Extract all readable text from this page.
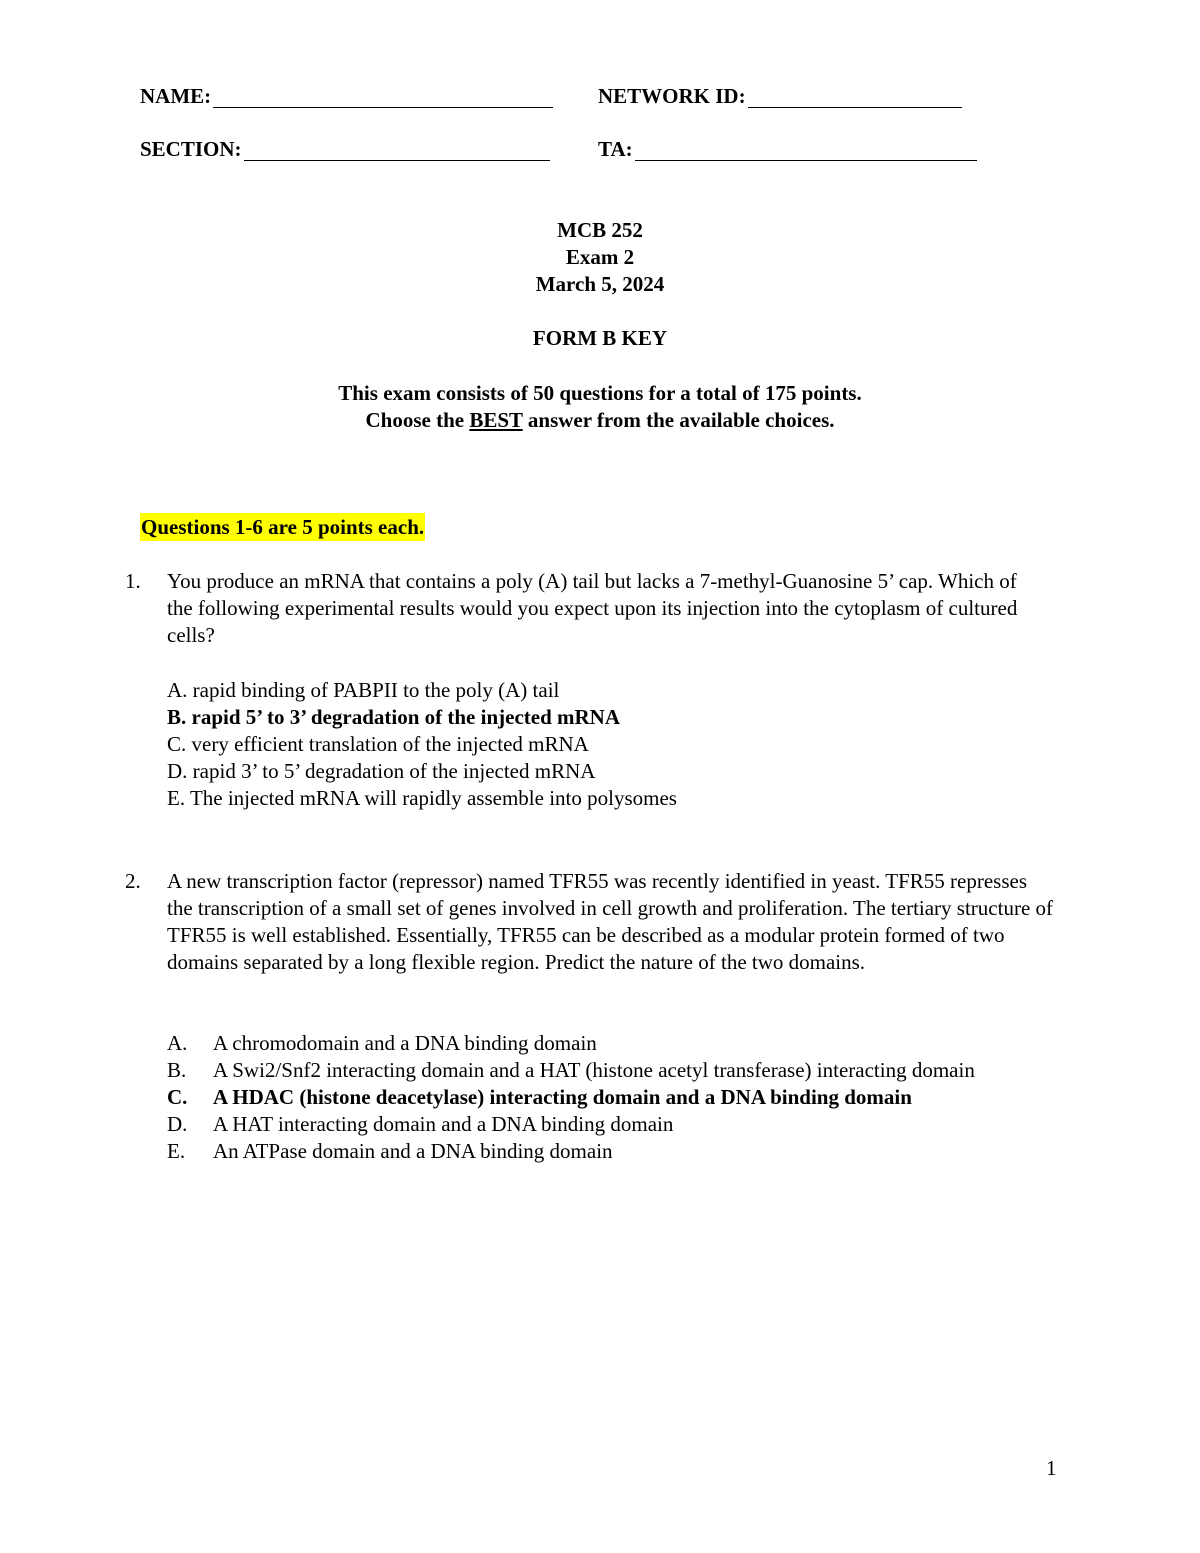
NAME:	NETWORK ID:
SECTION:	TA:
MCB 252
Exam 2
March 5, 2024
FORM B KEY
This exam consists of 50 questions for a total of 175 points.
Choose the BEST answer from the available choices.
Questions 1-6 are 5 points each.
1. You produce an mRNA that contains a poly (A) tail but lacks a 7-methyl-Guanosine 5’ cap. Which of the following experimental results would you expect upon its injection into the cytoplasm of cultured cells?
A. rapid binding of PABPII to the poly (A) tail
B. rapid 5’ to 3’ degradation of the injected mRNA
C. very efficient translation of the injected mRNA
D. rapid 3’ to 5’ degradation of the injected mRNA
E. The injected mRNA will rapidly assemble into polysomes
2. A new transcription factor (repressor) named TFR55 was recently identified in yeast. TFR55 represses the transcription of a small set of genes involved in cell growth and proliferation. The tertiary structure of TFR55 is well established. Essentially, TFR55 can be described as a modular protein formed of two domains separated by a long flexible region. Predict the nature of the two domains.
A.	A chromodomain and a DNA binding domain
B.	A Swi2/Snf2 interacting domain and a HAT (histone acetyl transferase) interacting domain
C.	A HDAC (histone deacetylase) interacting domain and a DNA binding domain
D.	A HAT interacting domain and a DNA binding domain
E.	An ATPase domain and a DNA binding domain
1
